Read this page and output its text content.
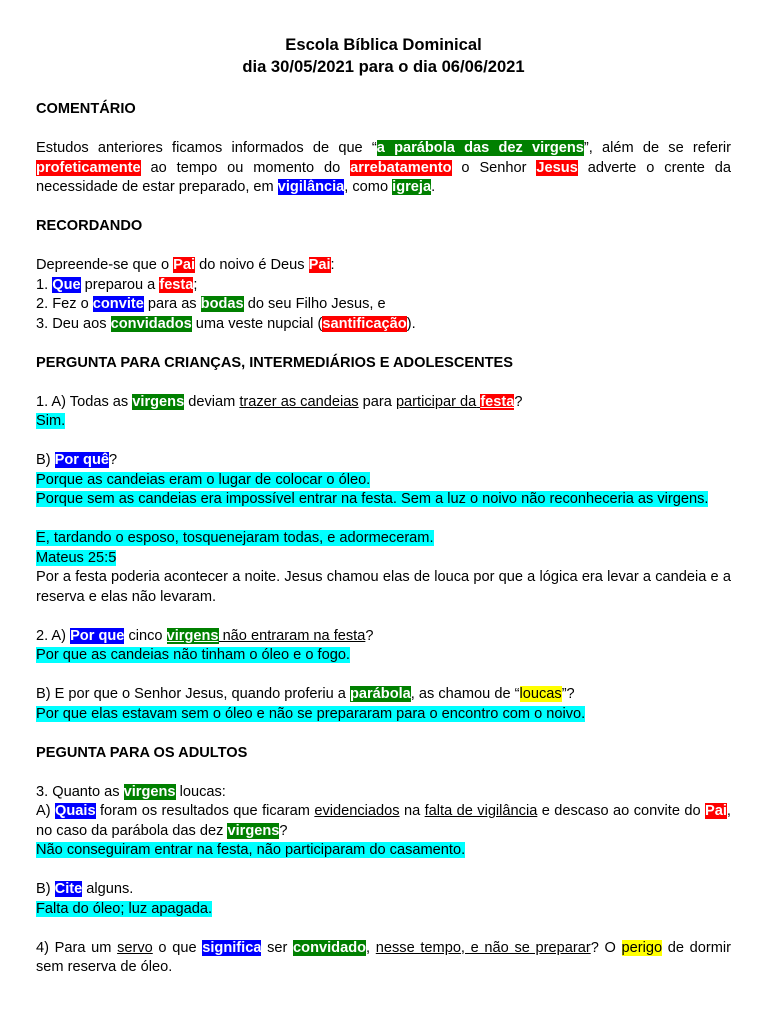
Escola Bíblica Dominical
dia 30/05/2021 para o dia 06/06/2021
COMENTÁRIO

Estudos anteriores ficamos informados de que “a parábola das dez virgens”, além de se referir profeticamente ao tempo ou momento do arrebatamento o Senhor Jesus adverte o crente da necessidade de estar preparado, em vigilância, como igreja.

RECORDANDO

Depreende-se que o Pai do noivo é Deus Pai:

1. Que preparou a festa;

2. Fez o convite para as bodas do seu Filho Jesus, e

3. Deu aos convidados uma veste nupcial (santificação).

PERGUNTA PARA CRIANÇAS, INTERMEDIÁRIOS E ADOLESCENTES

1. A) Todas as virgens deviam trazer as candeias para participar da festa?

Sim.

B) Por quê?

Porque as candeias eram o lugar de colocar o óleo.

Porque sem as candeias era impossível entrar na festa. Sem a luz o noivo não reconheceria as virgens.

E, tardando o esposo, tosquenejaram todas, e adormeceram.

Mateus 25:5

Por a festa poderia acontecer a noite. Jesus chamou elas de louca por que a lógica era levar a candeia e a reserva e elas não levaram.

2. A) Por que cinco virgens não entraram na festa?

Por que as candeias não tinham o óleo e o fogo.

B) E por que o Senhor Jesus, quando proferiu a parábola, as chamou de “loucas”?

Por que elas estavam sem o óleo e não se prepararam para o encontro com o noivo.

PEGUNTA PARA OS ADULTOS

3. Quanto as virgens loucas:

A) Quais foram os resultados que ficaram evidenciados na falta de vigilância e descaso ao convite do Pai, no caso da parábola das dez virgens?

Não conseguiram entrar na festa, não participaram do casamento.

B) Cite alguns.

Falta do óleo; luz apagada.

4) Para um servo o que significa ser convidado, nesse tempo, e não se preparar? O perigo de dormir sem reserva de óleo.
